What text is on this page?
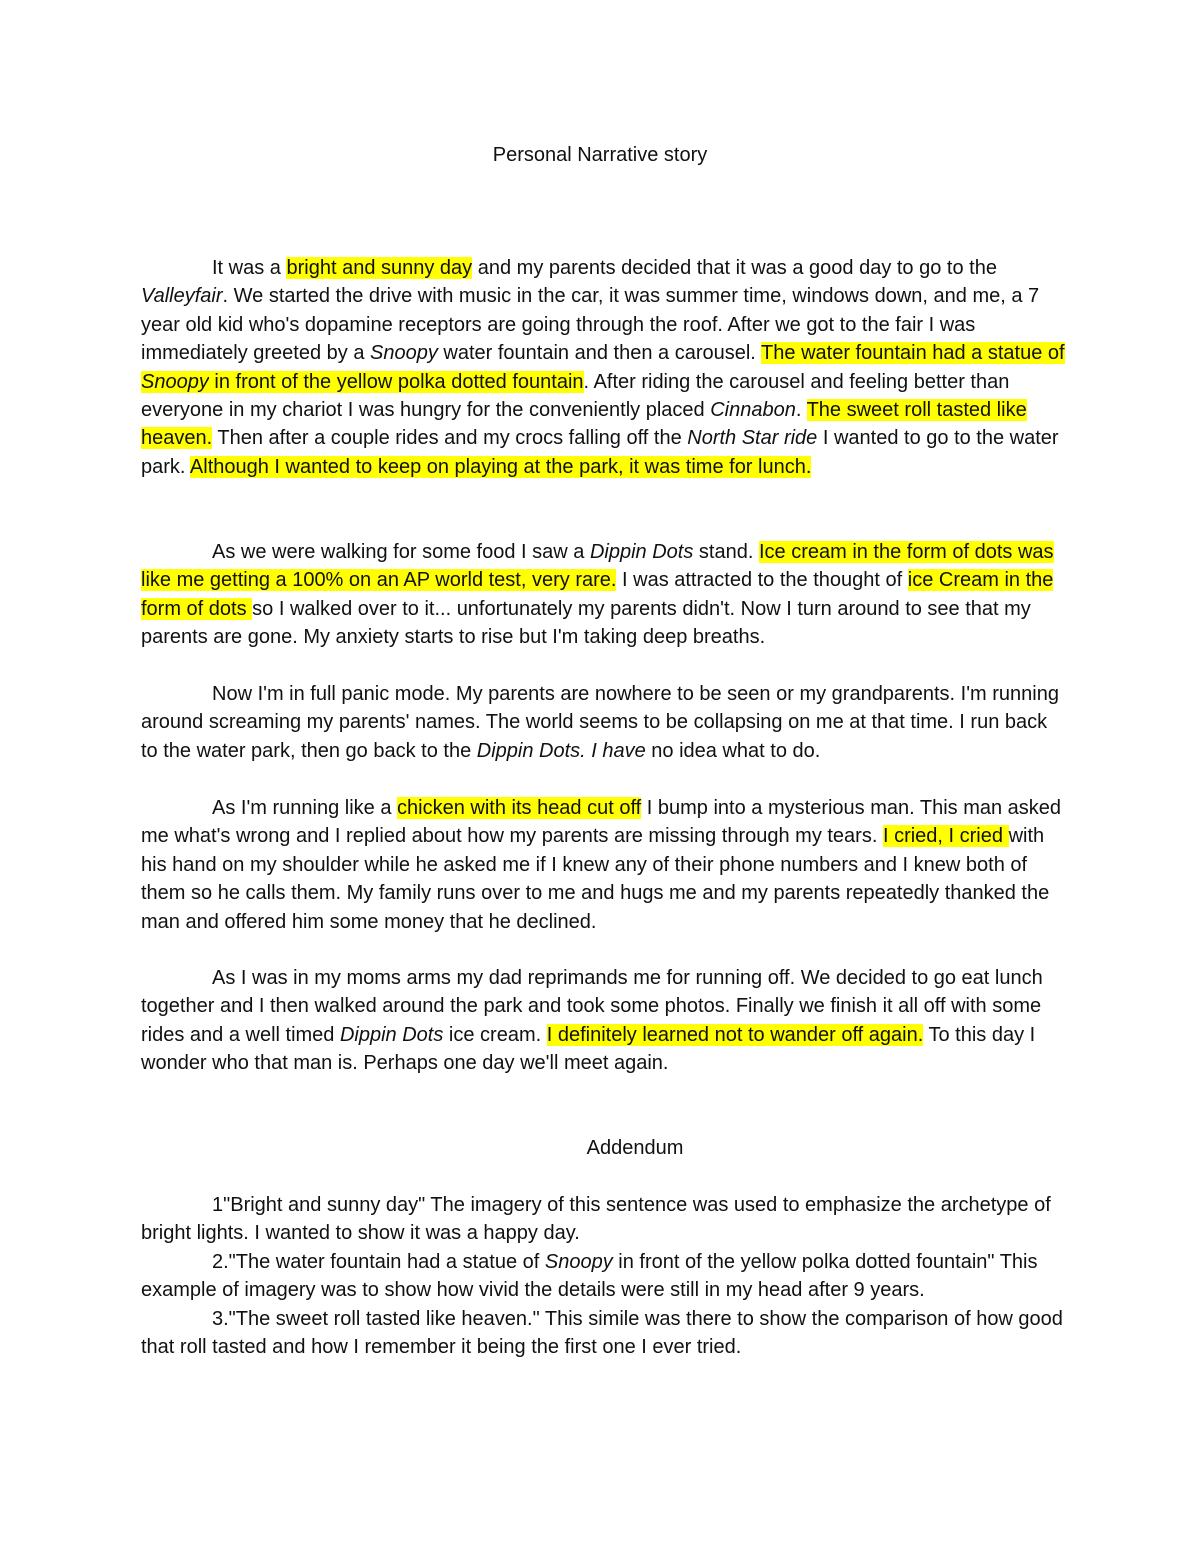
Personal Narrative story

It was a bright and sunny day and my parents decided that it was a good day to go to the Valleyfair. We started the drive with music in the car, it was summer time, windows down, and me, a 7 year old kid who's dopamine receptors are going through the roof. After we got to the fair I was immediately greeted by a Snoopy water fountain and then a carousel. The water fountain had a statue of Snoopy in front of the yellow polka dotted fountain. After riding the carousel and feeling better than everyone in my chariot I was hungry for the conveniently placed Cinnabon. The sweet roll tasted like heaven. Then after a couple rides and my crocs falling off the North Star ride I wanted to go to the water park. Although I wanted to keep on playing at the park, it was time for lunch.

As we were walking for some food I saw a Dippin Dots stand. Ice cream in the form of dots was like me getting a 100% on an AP world test, very rare. I was attracted to the thought of ice Cream in the form of dots so I walked over to it... unfortunately my parents didn't. Now I turn around to see that my parents are gone. My anxiety starts to rise but I'm taking deep breaths.

Now I'm in full panic mode. My parents are nowhere to be seen or my grandparents. I'm running around screaming my parents' names. The world seems to be collapsing on me at that time. I run back to the water park, then go back to the Dippin Dots. I have no idea what to do.

As I'm running like a chicken with its head cut off I bump into a mysterious man. This man asked me what's wrong and I replied about how my parents are missing through my tears. I cried, I cried with his hand on my shoulder while he asked me if I knew any of their phone numbers and I knew both of them so he calls them. My family runs over to me and hugs me and my parents repeatedly thanked the man and offered him some money that he declined.

As I was in my moms arms my dad reprimands me for running off. We decided to go eat lunch together and I then walked around the park and took some photos. Finally we finish it all off with some rides and a well timed Dippin Dots ice cream. I definitely learned not to wander off again. To this day I wonder who that man is. Perhaps one day we'll meet again.

Addendum

1"Bright and sunny day" The imagery of this sentence was used to emphasize the archetype of bright lights. I wanted to show it was a happy day.

2."The water fountain had a statue of Snoopy in front of the yellow polka dotted fountain" This example of imagery was to show how vivid the details were still in my head after 9 years.

3."The sweet roll tasted like heaven." This simile was there to show the comparison of how good that roll tasted and how I remember it being the first one I ever tried.
